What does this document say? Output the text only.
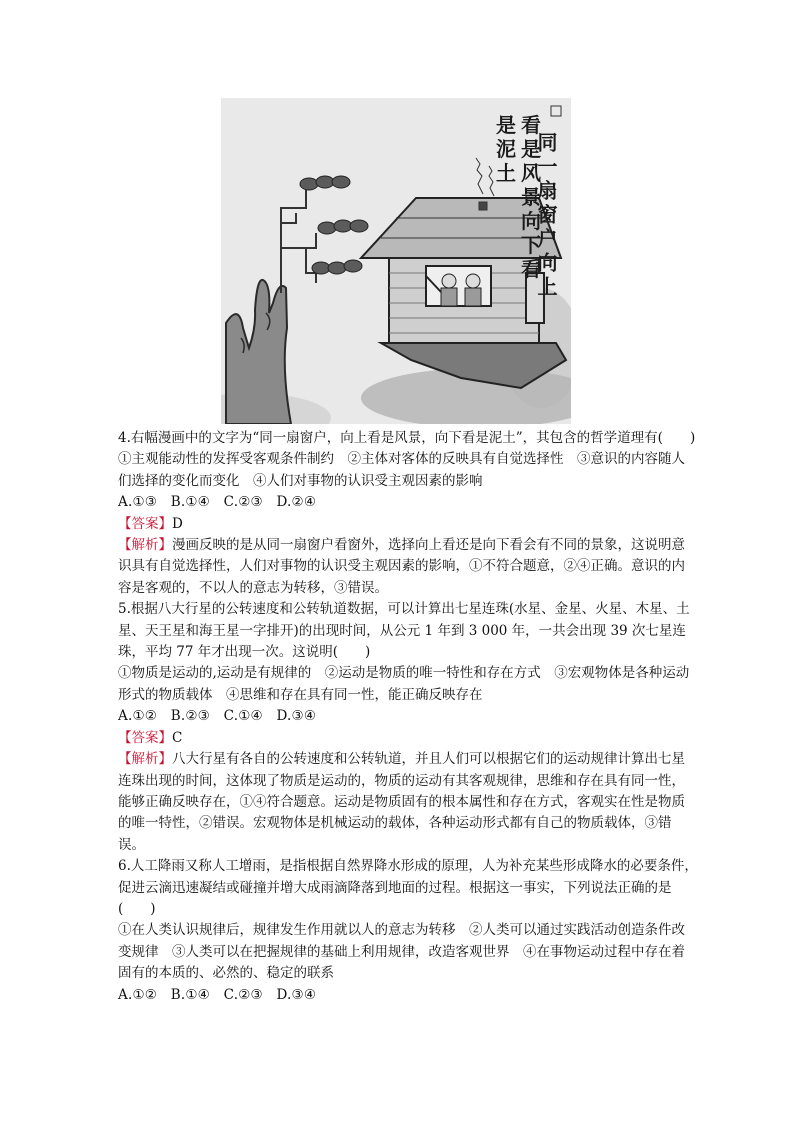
同一扇窗户向上
看是风景向下看
是泥土

4.右幅漫画中的文字为“同一扇窗户，向上看是风景，向下看是泥土”，其包含的哲学道理有(　　)

①主观能动性的发挥受客观条件制约　②主体对客体的反映具有自觉选择性　③意识的内容随人们选择的变化而变化　④人们对事物的认识受主观因素的影响

A.①③　B.①④　C.②③　D.②④

【答案】D

【解析】漫画反映的是从同一扇窗户看窗外，选择向上看还是向下看会有不同的景象，这说明意识具有自觉选择性，人们对事物的认识受主观因素的影响，①不符合题意，②④正确。意识的内容是客观的，不以人的意志为转移，③错误。

5.根据八大行星的公转速度和公转轨道数据，可以计算出七星连珠(水星、金星、火星、木星、土星、天王星和海王星一字排开)的出现时间，从公元 1 年到 3 000 年，一共会出现 39 次七星连珠，平均 77 年才出现一次。这说明(　　)

①物质是运动的,运动是有规律的　②运动是物质的唯一特性和存在方式　③宏观物体是各种运动形式的物质载体　④思维和存在具有同一性，能正确反映存在

A.①②　B.②③　C.①④　D.③④

【答案】C

【解析】八大行星有各自的公转速度和公转轨道，并且人们可以根据它们的运动规律计算出七星连珠出现的时间，这体现了物质是运动的，物质的运动有其客观规律，思维和存在具有同一性，能够正确反映存在，①④符合题意。运动是物质固有的根本属性和存在方式，客观实在性是物质的唯一特性，②错误。宏观物体是机械运动的载体，各种运动形式都有自己的物质载体，③错误。

6.人工降雨又称人工增雨，是指根据自然界降水形成的原理，人为补充某些形成降水的必要条件，促进云滴迅速凝结或碰撞并增大成雨滴降落到地面的过程。根据这一事实，下列说法正确的是(　　)

①在人类认识规律后，规律发生作用就以人的意志为转移　②人类可以通过实践活动创造条件改变规律　③人类可以在把握规律的基础上利用规律，改造客观世界　④在事物运动过程中存在着固有的本质的、必然的、稳定的联系

A.①②　B.①④　C.②③　D.③④
